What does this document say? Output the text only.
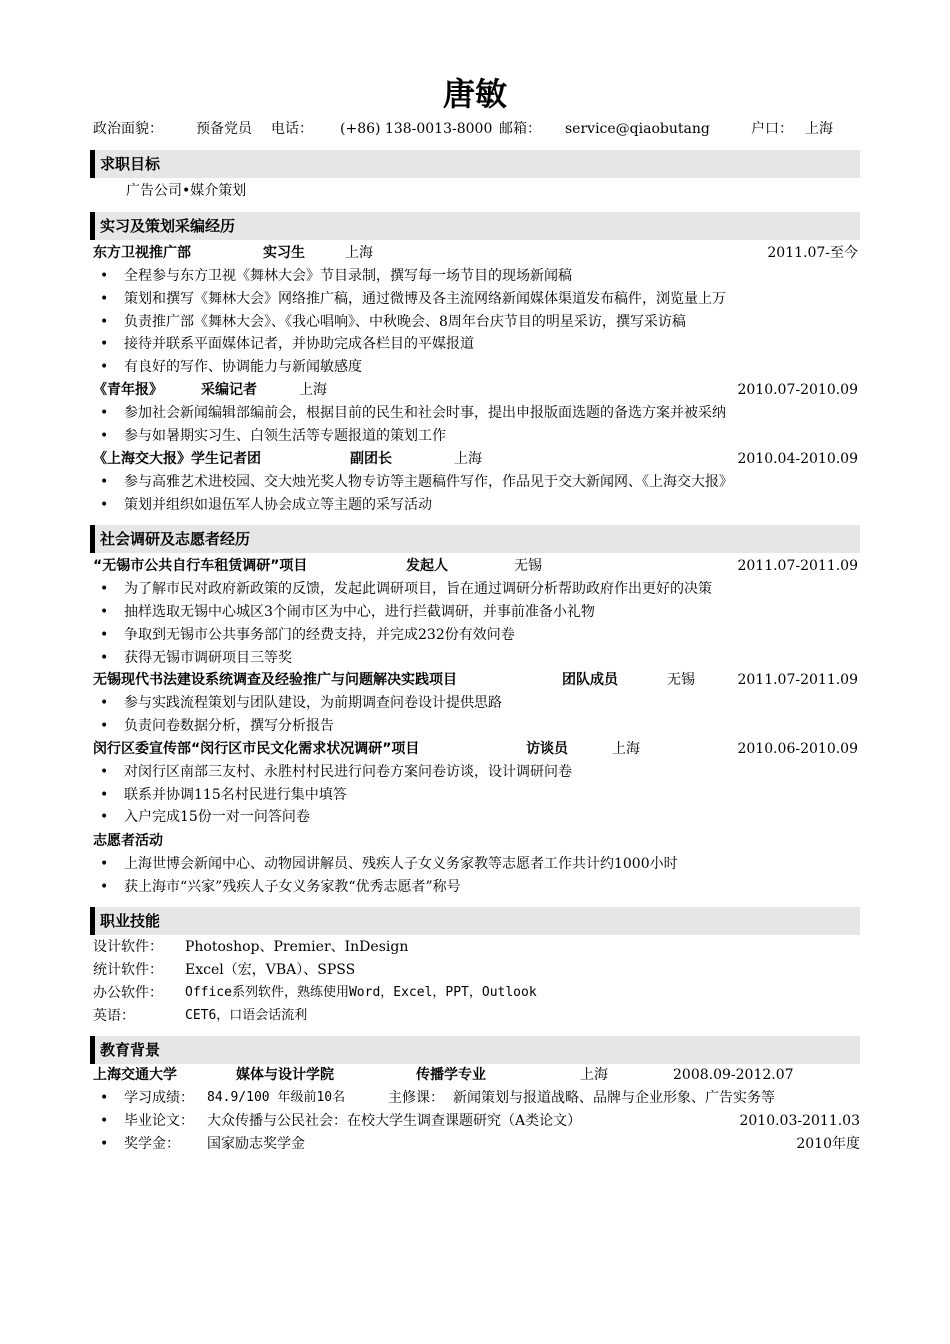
唐敏
政治面貌： 预备党员 电话： (+86) 138-0013-8000 邮箱： service@qiaobutang	户口： 上海
求职目标
广告公司•媒介策划
实习及策划采编经历
东方卫视推广部	实习生	上海	2011.07-至今
• 全程参与东方卫视《舞林大会》节目录制，撰写每一场节目的现场新闻稿
• 策划和撰写《舞林大会》网络推广稿，通过微博及各主流网络新闻媒体渠道发布稿件，浏览量上万
• 负责推广部《舞林大会》、《我心唱响》、中秋晚会、8周年台庆节目的明星采访，撰写采访稿
• 接待并联系平面媒体记者，并协助完成各栏目的平媒报道
• 有良好的写作、协调能力与新闻敏感度
《青年报》	采编记者	上海	2010.07-2010.09
• 参加社会新闻编辑部编前会，根据目前的民生和社会时事，提出申报版面选题的备选方案并被采纳
• 参与如暑期实习生、白领生活等专题报道的策划工作
《上海交大报》学生记者团	副团长	上海	2010.04-2010.09
• 参与高雅艺术进校园、交大烛光奖人物专访等主题稿件写作，作品见于交大新闻网、《上海交大报》
• 策划并组织如退伍军人协会成立等主题的采写活动
社会调研及志愿者经历
“无锡市公共自行车租赁调研”项目	发起人	无锡	2011.07-2011.09
• 为了解市民对政府新政策的反馈，发起此调研项目，旨在通过调研分析帮助政府作出更好的决策
• 抽样选取无锡中心城区3个闹市区为中心，进行拦截调研，并事前准备小礼物
• 争取到无锡市公共事务部门的经费支持，并完成232份有效问卷
• 获得无锡市调研项目三等奖
无锡现代书法建设系统调查及经验推广与问题解决实践项目	团队成员	无锡	2011.07-2011.09
• 参与实践流程策划与团队建设，为前期调查问卷设计提供思路
• 负责问卷数据分析，撰写分析报告
闵行区委宣传部“闵行区市民文化需求状况调研”项目	访谈员	上海	2010.06-2010.09
• 对闵行区南部三友村、永胜村村民进行问卷方案问卷访谈，设计调研问卷
• 联系并协调115名村民进行集中填答
• 入户完成15份一对一问答问卷
志愿者活动
• 上海世博会新闻中心、动物园讲解员、残疾人子女义务家教等志愿者工作共计约1000小时
• 获上海市“兴家”残疾人子女义务家教“优秀志愿者”称号
职业技能
设计软件： Photoshop、Premier、InDesign
统计软件： Excel（宏，VBA）、SPSS
办公软件： Office系列软件，熟练使用Word，Excel，PPT，Outlook
英语：	CET6，口语会话流利
教育背景
上海交通大学	媒体与设计学院	传播学专业	上海	2008.09-2012.07
• 学习成绩： 84.9/100 年级前10名	主修课： 新闻策划与报道战略、品牌与企业形象、广告实务等
• 毕业论文： 大众传播与公民社会：在校大学生调查课题研究（A类论文）	2010.03-2011.03
• 奖学金： 国家励志奖学金	2010年度
